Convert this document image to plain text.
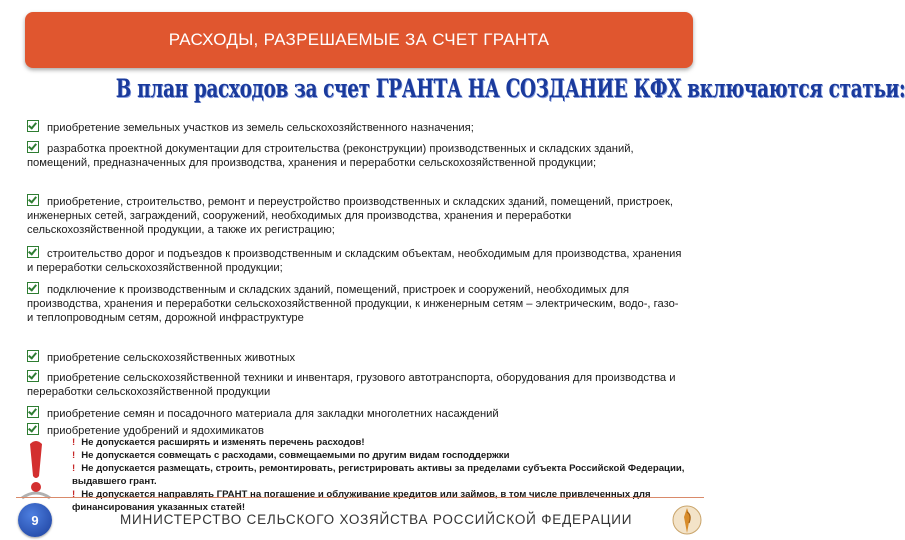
РАСХОДЫ, РАЗРЕШАЕМЫЕ ЗА СЧЕТ ГРАНТА
В план расходов за счет ГРАНТА НА СОЗДАНИЕ КФХ включаются статьи:
приобретение земельных участков из земель сельскохозяйственного назначения;
разработка проектной документации для строительства (реконструкции) производственных и складских зданий, помещений, предназначенных для производства, хранения и переработки сельскохозяйственной продукции;
приобретение, строительство, ремонт и переустройство производственных и складских зданий, помещений, пристроек, инженерных сетей, заграждений, сооружений, необходимых для производства, хранения и переработки сельскохозяйственной продукции, а также их регистрацию;
строительство дорог и подъездов к производственным и складским объектам, необходимым для производства, хранения и переработки сельскохозяйственной продукции;
подключение к производственным и складских зданий, помещений, пристроек и сооружений, необходимых для производства, хранения и переработки сельскохозяйственной продукции, к инженерным сетям – электрическим, водо-, газо- и теплопроводным сетям, дорожной инфраструктуре
приобретение сельскохозяйственных животных
приобретение сельскохозяйственной техники и инвентаря, грузового автотранспорта, оборудования для производства и переработки сельскохозяйственной продукции
приобретение семян и посадочного материала для закладки многолетних насаждений
приобретение удобрений и ядохимикатов
! Не допускается расширять и изменять перечень расходов!
! Не допускается совмещать с расходами, совмещаемыми по другим видам господдержки
! Не допускается размещать, строить, ремонтировать, регистрировать активы за пределами субъекта Российской Федерации, выдавшего грант.
! Не допускается направлять ГРАНТ на погашение и облуживание кредитов или займов, в том числе привлеченных для финансирования указанных статей!
9	МИНИСТЕРСТВО СЕЛЬСКОГО ХОЗЯЙСТВА РОССИЙСКОЙ ФЕДЕРАЦИИ
